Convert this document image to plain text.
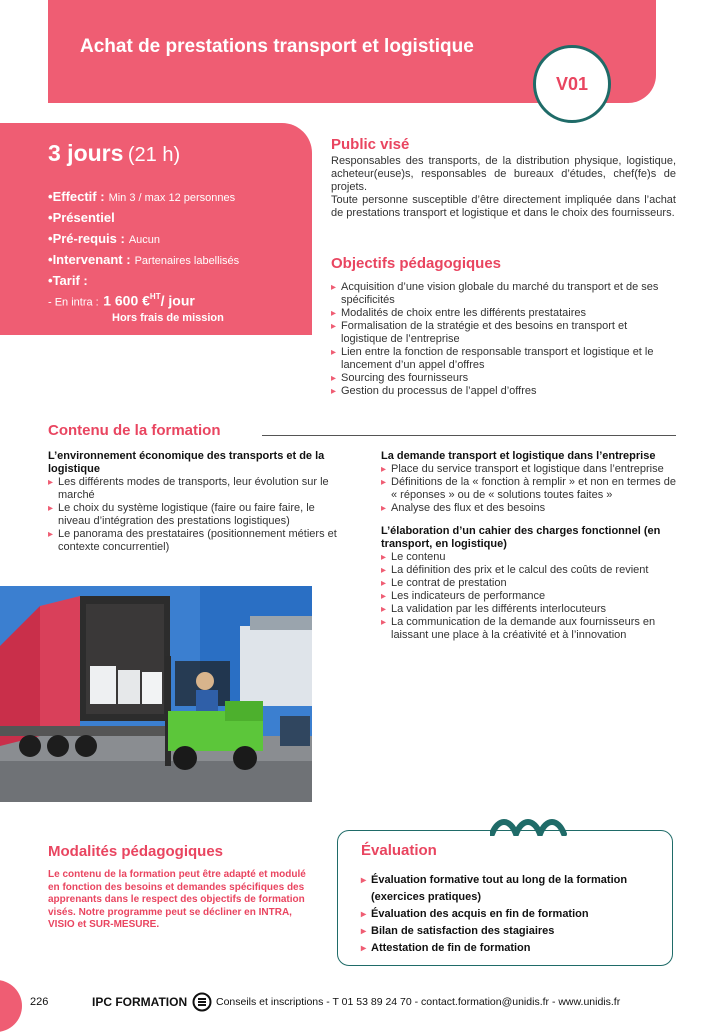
Achat de prestations transport et logistique
V01
3 jours (21 h)
• Effectif : Min 3 / max 12 personnes
• Présentiel
• Pré-requis : Aucun
• Intervenant : Partenaires labellisés
• Tarif :
- En intra : 1 600 €$^{HT}$/ jour
Hors frais de mission
Public visé
Responsables des transports, de la distribution physique, logistique, acheteur(euse)s, responsables de bureaux d’études, chef(fe)s de projets.
Toute personne susceptible d’être directement impliquée dans l’achat de prestations transport et logistique et dans le choix des fournisseurs.
Objectifs pédagogiques
▸ Acquisition d’une vision globale du marché du transport et de ses spécificités
▸ Modalités de choix entre les différents prestataires
▸ Formalisation de la stratégie et des besoins en transport et logistique de l’entreprise
▸ Lien entre la fonction de responsable transport et logistique et le lancement d’un appel d’offres
▸ Sourcing des fournisseurs
▸ Gestion du processus de l’appel d’offres
Contenu de la formation
L’environnement économique des transports et de la logistique
▸ Les différents modes de transports, leur évolution sur le marché
▸ Le choix du système logistique (faire ou faire faire, le niveau d’intégration des prestations logistiques)
▸ Le panorama des prestataires (positionnement métiers et contexte concurrentiel)
La demande transport et logistique dans l’entreprise
▸ Place du service transport et logistique dans l’entreprise
▸ Définitions de la « fonction à remplir » et non en termes de « réponses » ou de « solutions toutes faites »
▸ Analyse des flux et des besoins
L’élaboration d’un cahier des charges fonctionnel (en transport, en logistique)
▸ Le contenu
▸ La définition des prix et le calcul des coûts de revient
▸ Le contrat de prestation
▸ Les indicateurs de performance
▸ La validation par les différents interlocuteurs
▸ La communication de la demande aux fournisseurs en laissant une place à la créativité et à l’innovation
Modalités pédagogiques
Le contenu de la formation peut être adapté et modulé en fonction des besoins et demandes spécifiques des apprenants dans le respect des objectifs de formation visés. Notre programme peut se décliner en INTRA, VISIO et SUR-MESURE.
Évaluation
▸ Évaluation formative tout au long de la formation (exercices pratiques)
▸ Évaluation des acquis en fin de formation
▸ Bilan de satisfaction des stagiaires
▸ Attestation de fin de formation
226	IPC FORMATION	Conseils et inscriptions - T 01 53 89 24 70 - contact.formation@unidis.fr - www.unidis.fr
